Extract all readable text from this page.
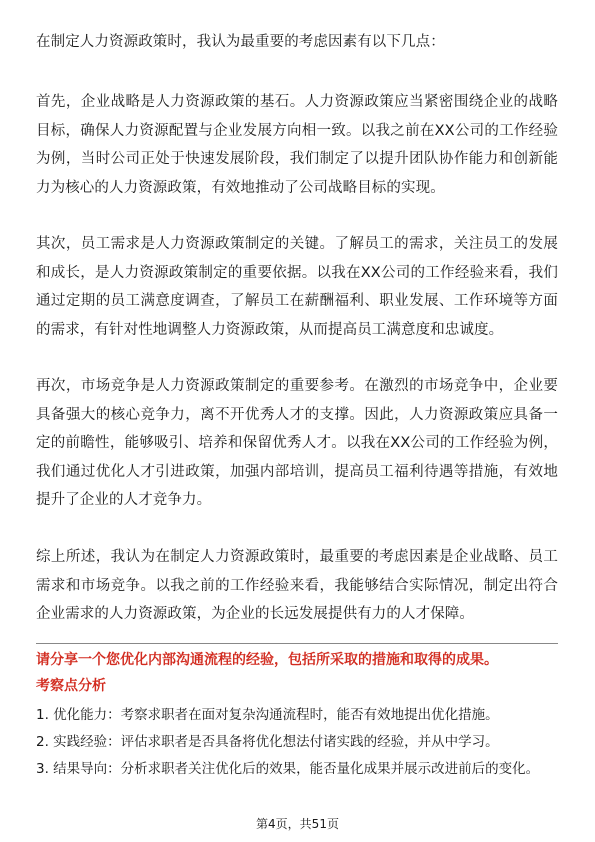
在制定人力资源政策时，我认为最重要的考虑因素有以下几点：

首先，企业战略是人力资源政策的基石。人力资源政策应当紧密围绕企业的战略目标，确保人力资源配置与企业发展方向相一致。以我之前在XX公司的工作经验为例，当时公司正处于快速发展阶段，我们制定了以提升团队协作能力和创新能力为核心的人力资源政策，有效地推动了公司战略目标的实现。

其次，员工需求是人力资源政策制定的关键。了解员工的需求，关注员工的发展和成长，是人力资源政策制定的重要依据。以我在XX公司的工作经验来看，我们通过定期的员工满意度调查，了解员工在薪酬福利、职业发展、工作环境等方面的需求，有针对性地调整人力资源政策，从而提高员工满意度和忠诚度。

再次，市场竞争是人力资源政策制定的重要参考。在激烈的市场竞争中，企业要具备强大的核心竞争力，离不开优秀人才的支撑。因此，人力资源政策应具备一定的前瞻性，能够吸引、培养和保留优秀人才。以我在XX公司的工作经验为例，我们通过优化人才引进政策，加强内部培训，提高员工福利待遇等措施，有效地提升了企业的人才竞争力。

综上所述，我认为在制定人力资源政策时，最重要的考虑因素是企业战略、员工需求和市场竞争。以我之前的工作经验来看，我能够结合实际情况，制定出符合企业需求的人力资源政策，为企业的长远发展提供有力的人才保障。

请分享一个您优化内部沟通流程的经验，包括所采取的措施和取得的成果。

考察点分析

1. 优化能力：考察求职者在面对复杂沟通流程时，能否有效地提出优化措施。
2. 实践经验：评估求职者是否具备将优化想法付诸实践的经验，并从中学习。
3. 结果导向：分析求职者关注优化后的效果，能否量化成果并展示改进前后的变化。
第4页，共51页
